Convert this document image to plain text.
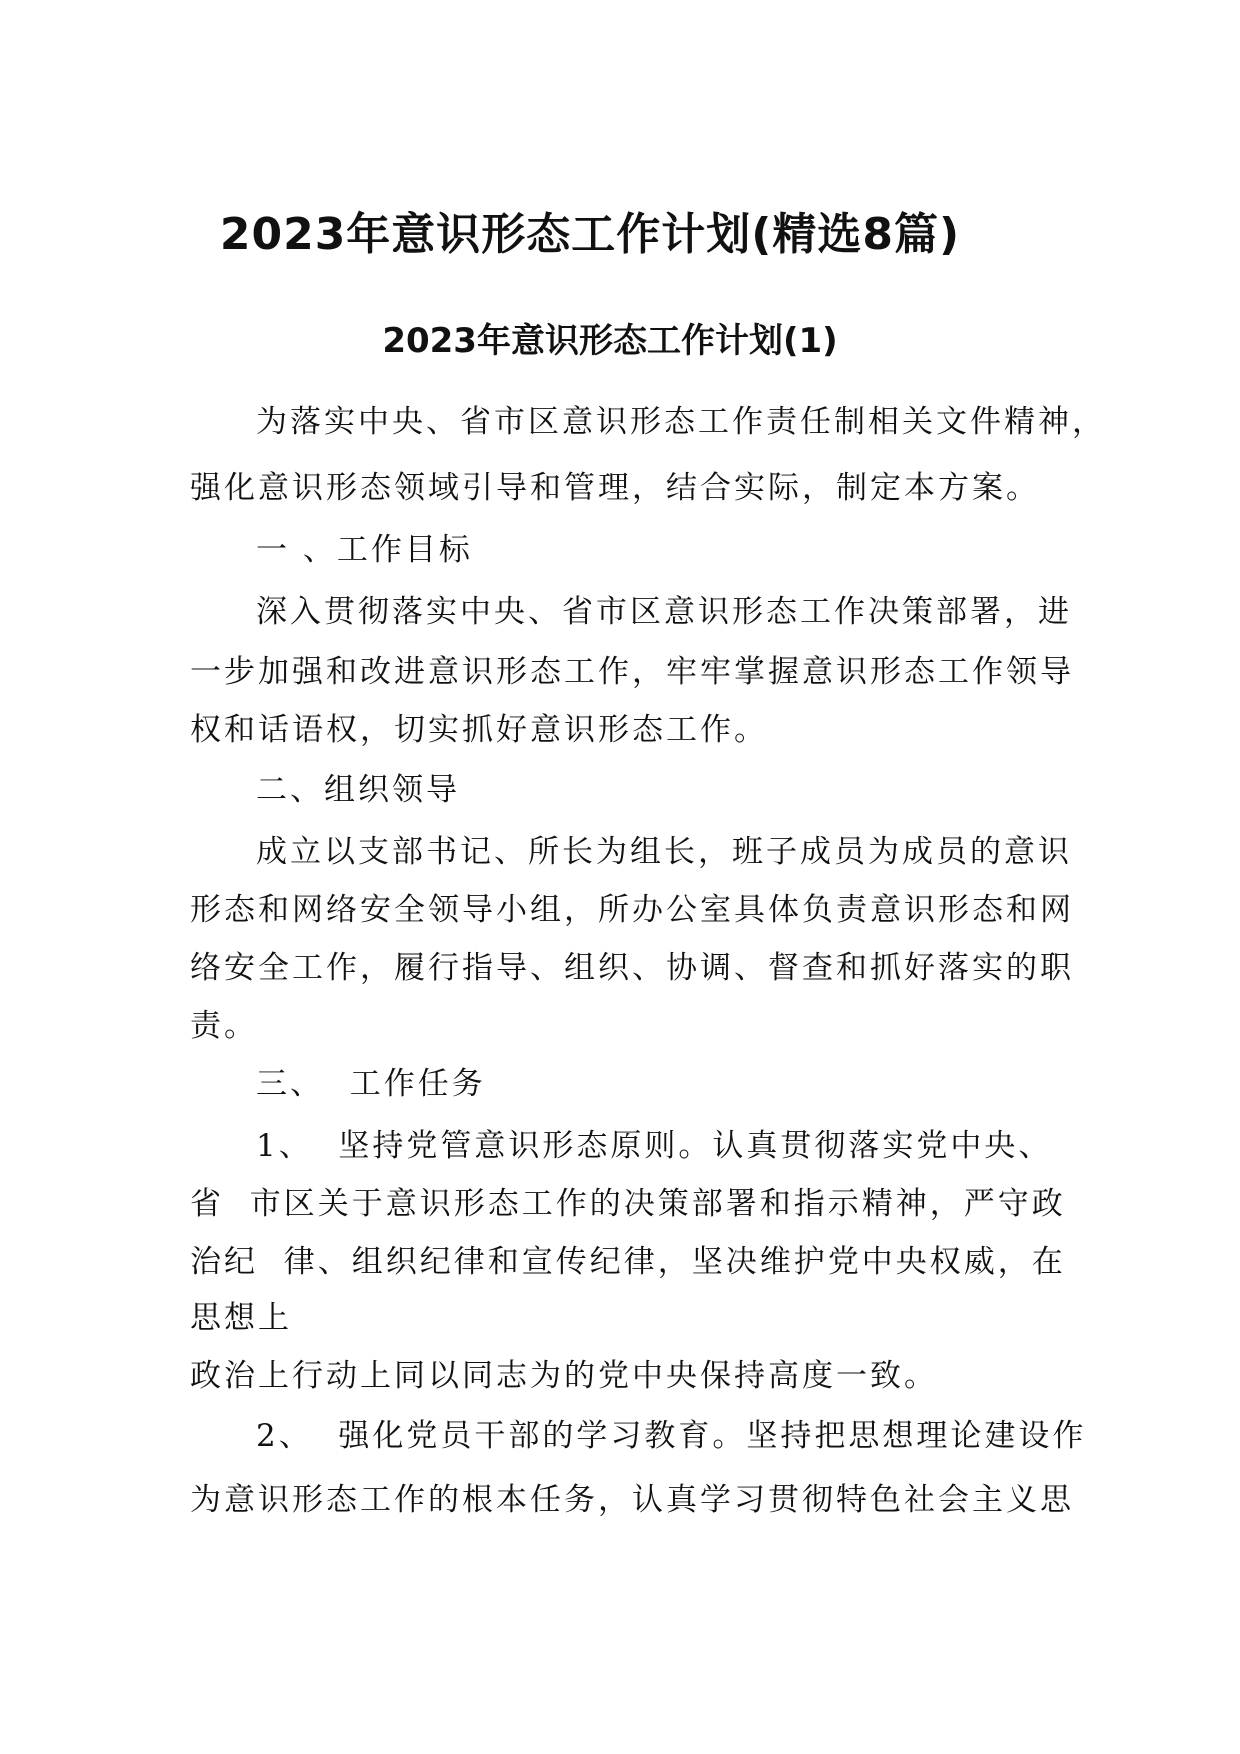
2023年意识形态工作计划(精选8篇)
2023年意识形态工作计划(1)
为落实中央、省市区意识形态工作责任制相关文件精神，
强化意识形态领域引导和管理，结合实际，制定本方案。
一 、工作目标
深入贯彻落实中央、省市区意识形态工作决策部署，进
一步加强和改进意识形态工作，牢牢掌握意识形态工作领导
权和话语权，切实抓好意识形态工作。
二、组织领导
成立以支部书记、所长为组长，班子成员为成员的意识
形态和网络安全领导小组，所办公室具体负责意识形态和网
络安全工作，履行指导、组织、协调、督查和抓好落实的职
责。
三、  工作任务
1、  坚持党管意识形态原则。认真贯彻落实党中央、
省  市区关于意识形态工作的决策部署和指示精神，严守政
治纪  律、组织纪律和宣传纪律，坚决维护党中央权威，在
思想上
政治上行动上同以同志为的党中央保持高度一致。
2、  强化党员干部的学习教育。坚持把思想理论建设作
为意识形态工作的根本任务，认真学习贯彻特色社会主义思
